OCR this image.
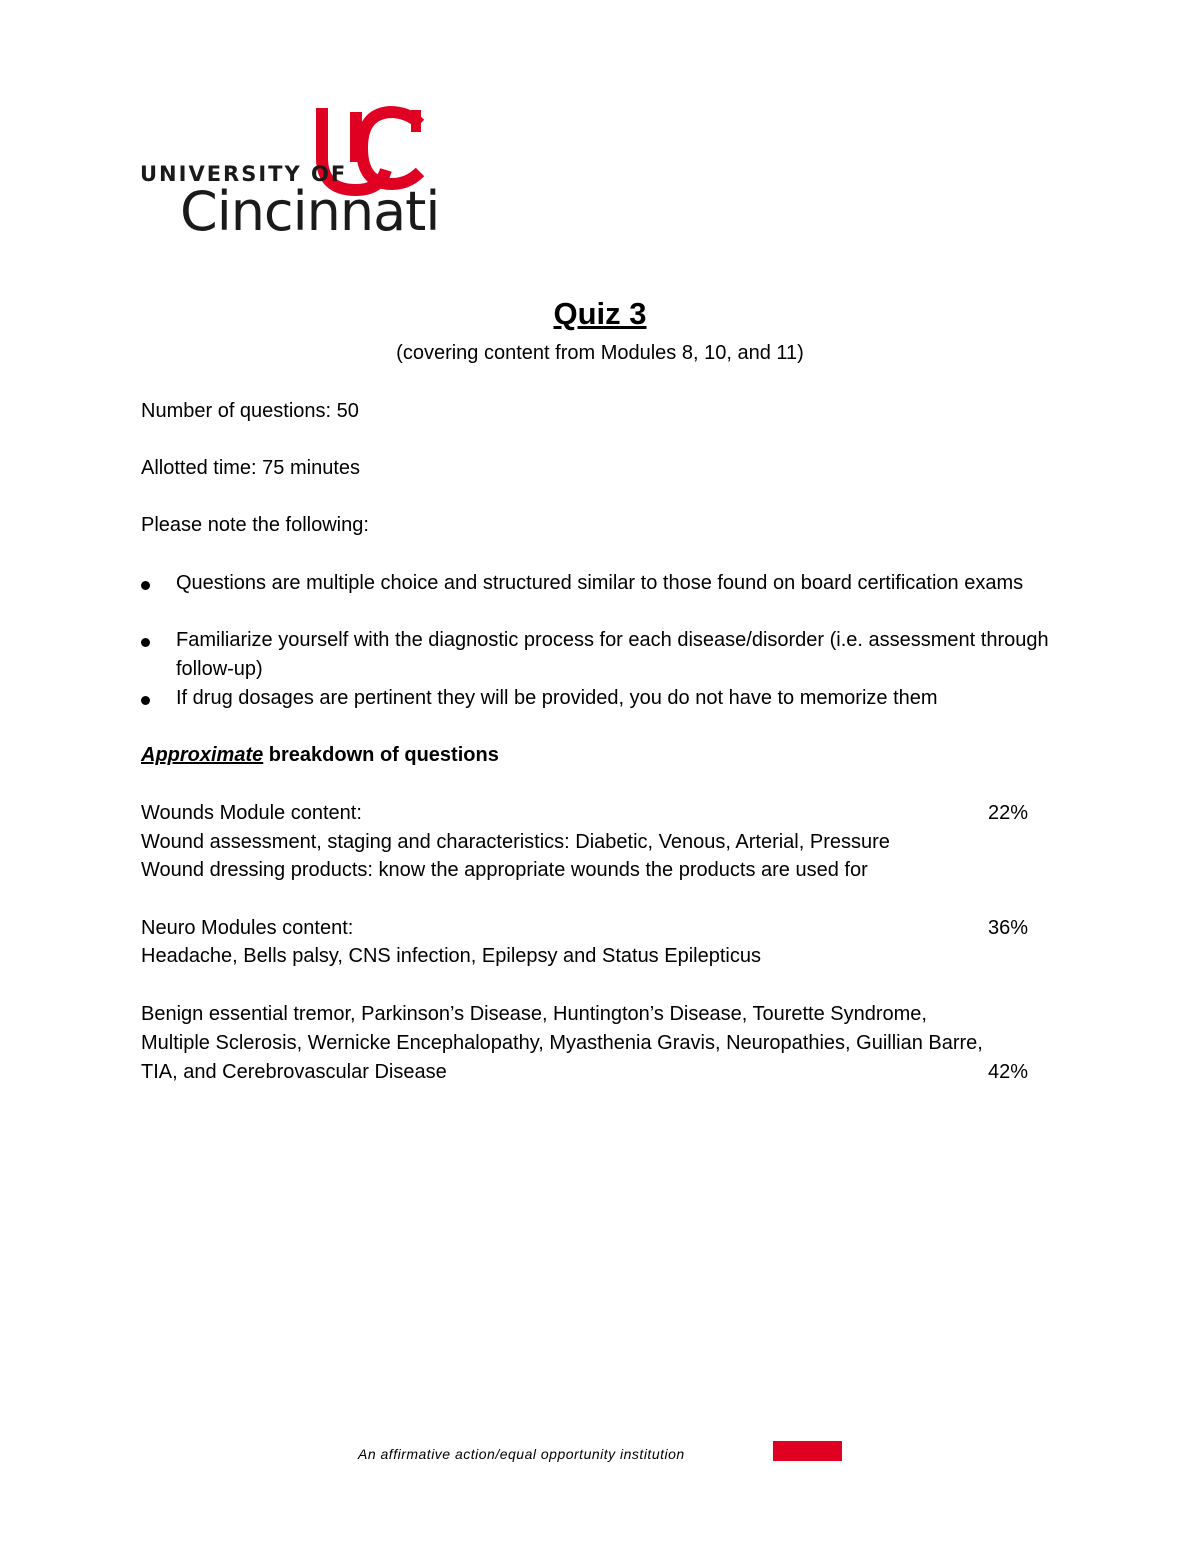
UNIVERSITY OF
Cincinnati
Quiz 3
(covering content from Modules 8, 10, and 11)
Number of questions: 50
Allotted time: 75 minutes
Please note the following:
Questions are multiple choice and structured similar to those found on board certification exams
Familiarize yourself with the diagnostic process for each disease/disorder (i.e. assessment through follow-up)
If drug dosages are pertinent they will be provided, you do not have to memorize them
Approximate breakdown of questions
Wounds Module content:	22%
Wound assessment, staging and characteristics: Diabetic, Venous, Arterial, Pressure
Wound dressing products: know the appropriate wounds the products are used for
Neuro Modules content:	36%
Headache, Bells palsy, CNS infection, Epilepsy and Status Epilepticus
Benign essential tremor, Parkinson’s Disease, Huntington’s Disease, Tourette Syndrome,
Multiple Sclerosis, Wernicke Encephalopathy, Myasthenia Gravis, Neuropathies, Guillian Barre,
TIA, and Cerebrovascular Disease	42%
An affirmative action/equal opportunity institution
